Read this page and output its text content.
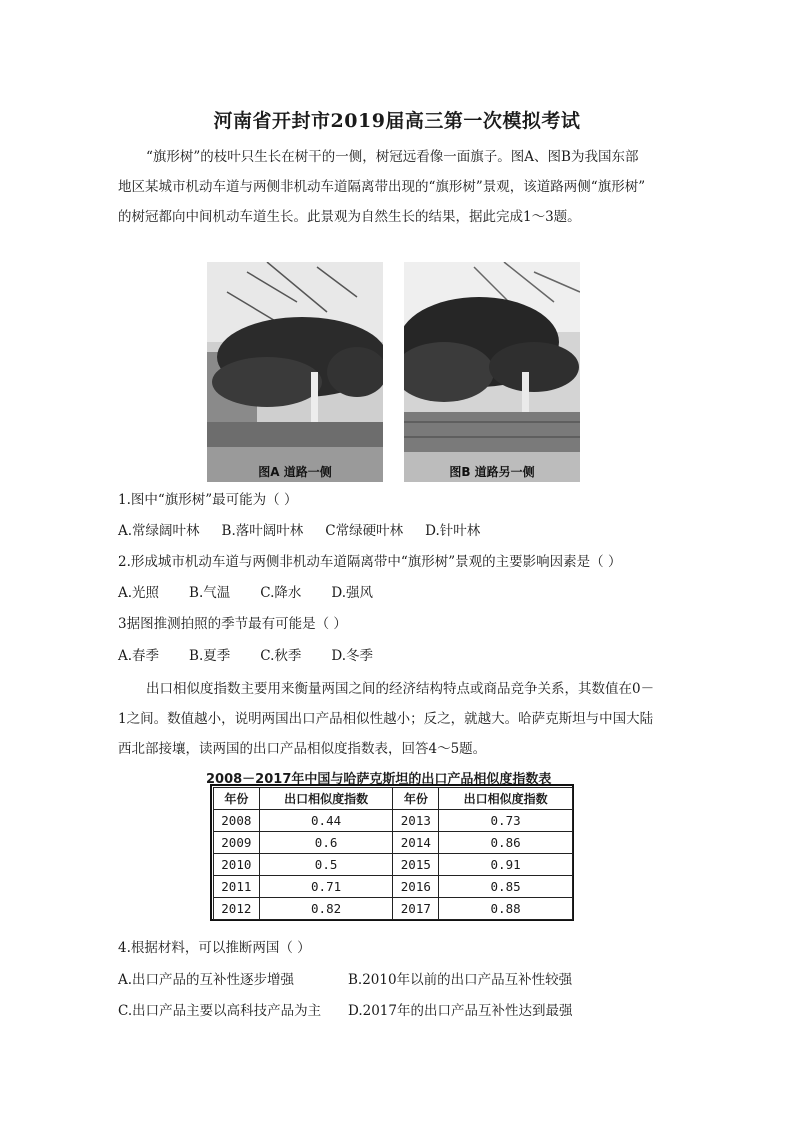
河南省开封市2019届高三第一次模拟考试
“旗形树”的枝叶只生长在树干的一侧，树冠远看像一面旗子。图A、图B为我国东部
地区某城市机动车道与两侧非机动车道隔离带出现的“旗形树”景观，该道路两侧“旗形树”
的树冠都向中间机动车道生长。此景观为自然生长的结果，据此完成1～3题。
图A 道路一侧	图B 道路另一侧
1.图中“旗形树”最可能为（ ）
A.常绿阔叶林 B.落叶阔叶林 C常绿硬叶林 D.针叶林
2.形成城市机动车道与两侧非机动车道隔离带中“旗形树”景观的主要影响因素是（ ）
A.光照 B.气温 C.降水 D.强风
3据图推测拍照的季节最有可能是（ ）
A.春季 B.夏季 C.秋季 D.冬季
出口相似度指数主要用来衡量两国之间的经济结构特点或商品竞争关系，其数值在0－
1之间。数值越小，说明两国出口产品相似性越小；反之，就越大。哈萨克斯坦与中国大陆
西北部接壤，读两国的出口产品相似度指数表，回答4～5题。
2008－2017年中国与哈萨克斯坦的出口产品相似度指数表
年份	出口相似度指数	年份	出口相似度指数
2008	0.44	2013	0.73
2009	0.6	2014	0.86
2010	0.5	2015	0.91
2011	0.71	2016	0.85
2012	0.82	2017	0.88
4.根据材料，可以推断两国（ ）
A.出口产品的互补性逐步增强	B.2010年以前的出口产品互补性较强
C.出口产品主要以高科技产品为主 D.2017年的出口产品互补性达到最强
